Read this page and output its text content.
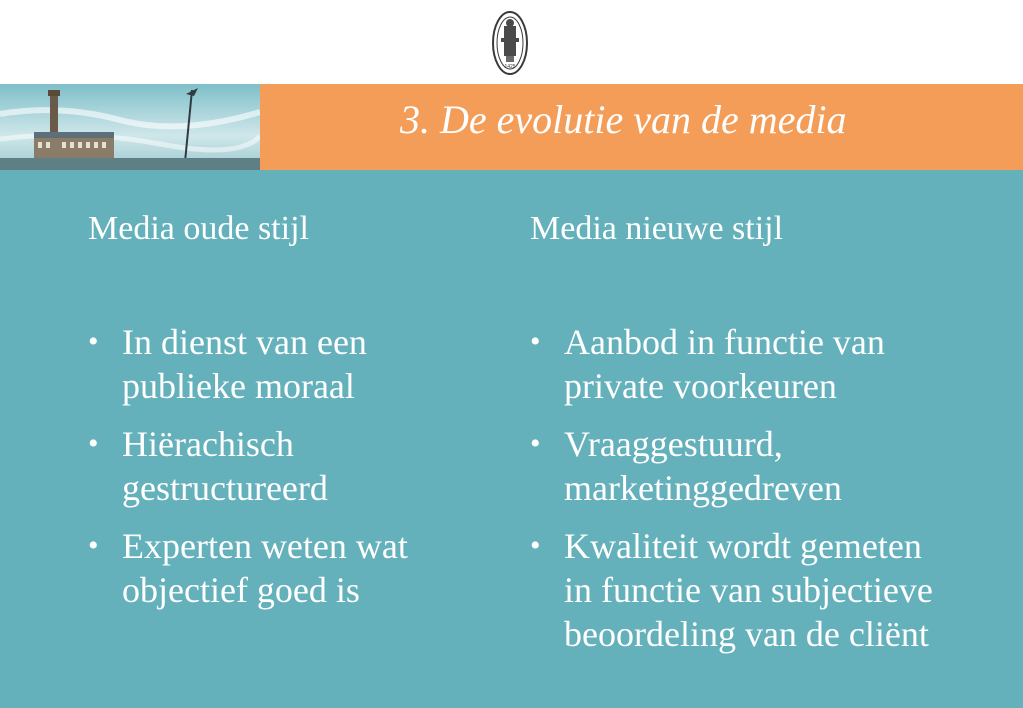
1425
3. De evolutie van de media
Media oude stijl
• In dienst van een
publieke moraal
• Hiërachisch
gestructureerd
• Experten weten wat
objectief goed is
Media nieuwe stijl
• Aanbod in functie van
private voorkeuren
• Vraaggestuurd,
marketinggedreven
• Kwaliteit wordt gemeten
in functie van subjectieve
beoordeling van de cliënt
